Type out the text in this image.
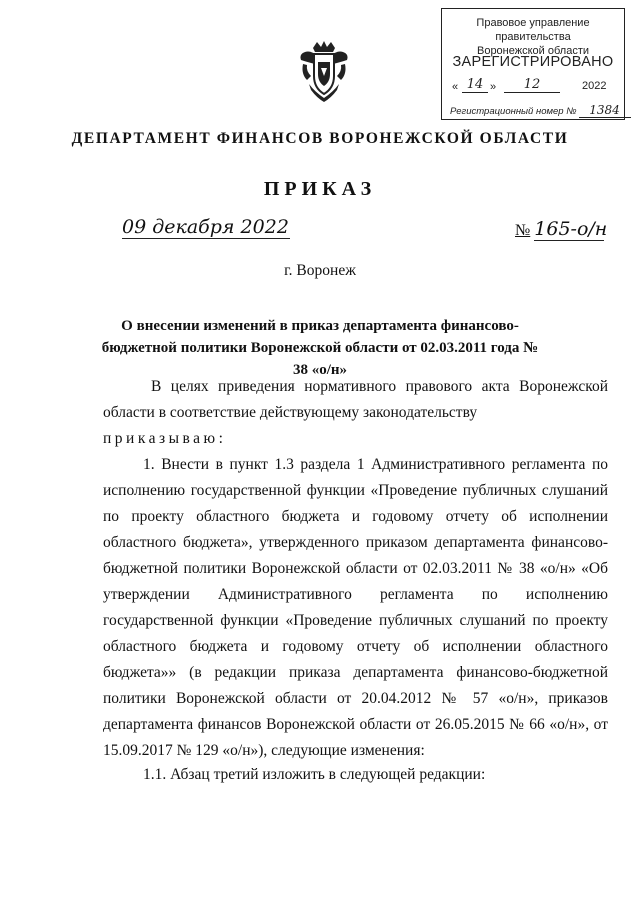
Правовое управление правительства
Воронежской области
ЗАРЕГИСТРИРОВАНО
« 14 »	12	2022
Регистрационный номер № 1384
ДЕПАРТАМЕНТ ФИНАНСОВ ВОРОНЕЖСКОЙ ОБЛАСТИ
ПРИКАЗ
09 декабря 2022	№ 165-о/н
г. Воронеж
О внесении изменений в приказ департамента финансово-бюджетной политики Воронежской области от 02.03.2011 года № 38 «о/н»
В целях приведения нормативного правового акта Воронежской области в соответствие действующему законодательству
приказываю:
1. Внести в пункт 1.3 раздела 1 Административного регламента по исполнению государственной функции «Проведение публичных слушаний по проекту областного бюджета и годовому отчету об исполнении областного бюджета», утвержденного приказом департамента финансово-бюджетной политики Воронежской области от 02.03.2011 № 38 «о/н» «Об утверждении Административного регламента по исполнению государственной функции «Проведение публичных слушаний по проекту областного бюджета и годовому отчету об исполнении областного бюджета»» (в редакции приказа департамента финансово-бюджетной политики Воронежской области от 20.04.2012 № 57 «о/н», приказов департамента финансов Воронежской области от 26.05.2015 № 66 «о/н», от 15.09.2017 № 129 «о/н»), следующие изменения:
1.1. Абзац третий изложить в следующей редакции:
